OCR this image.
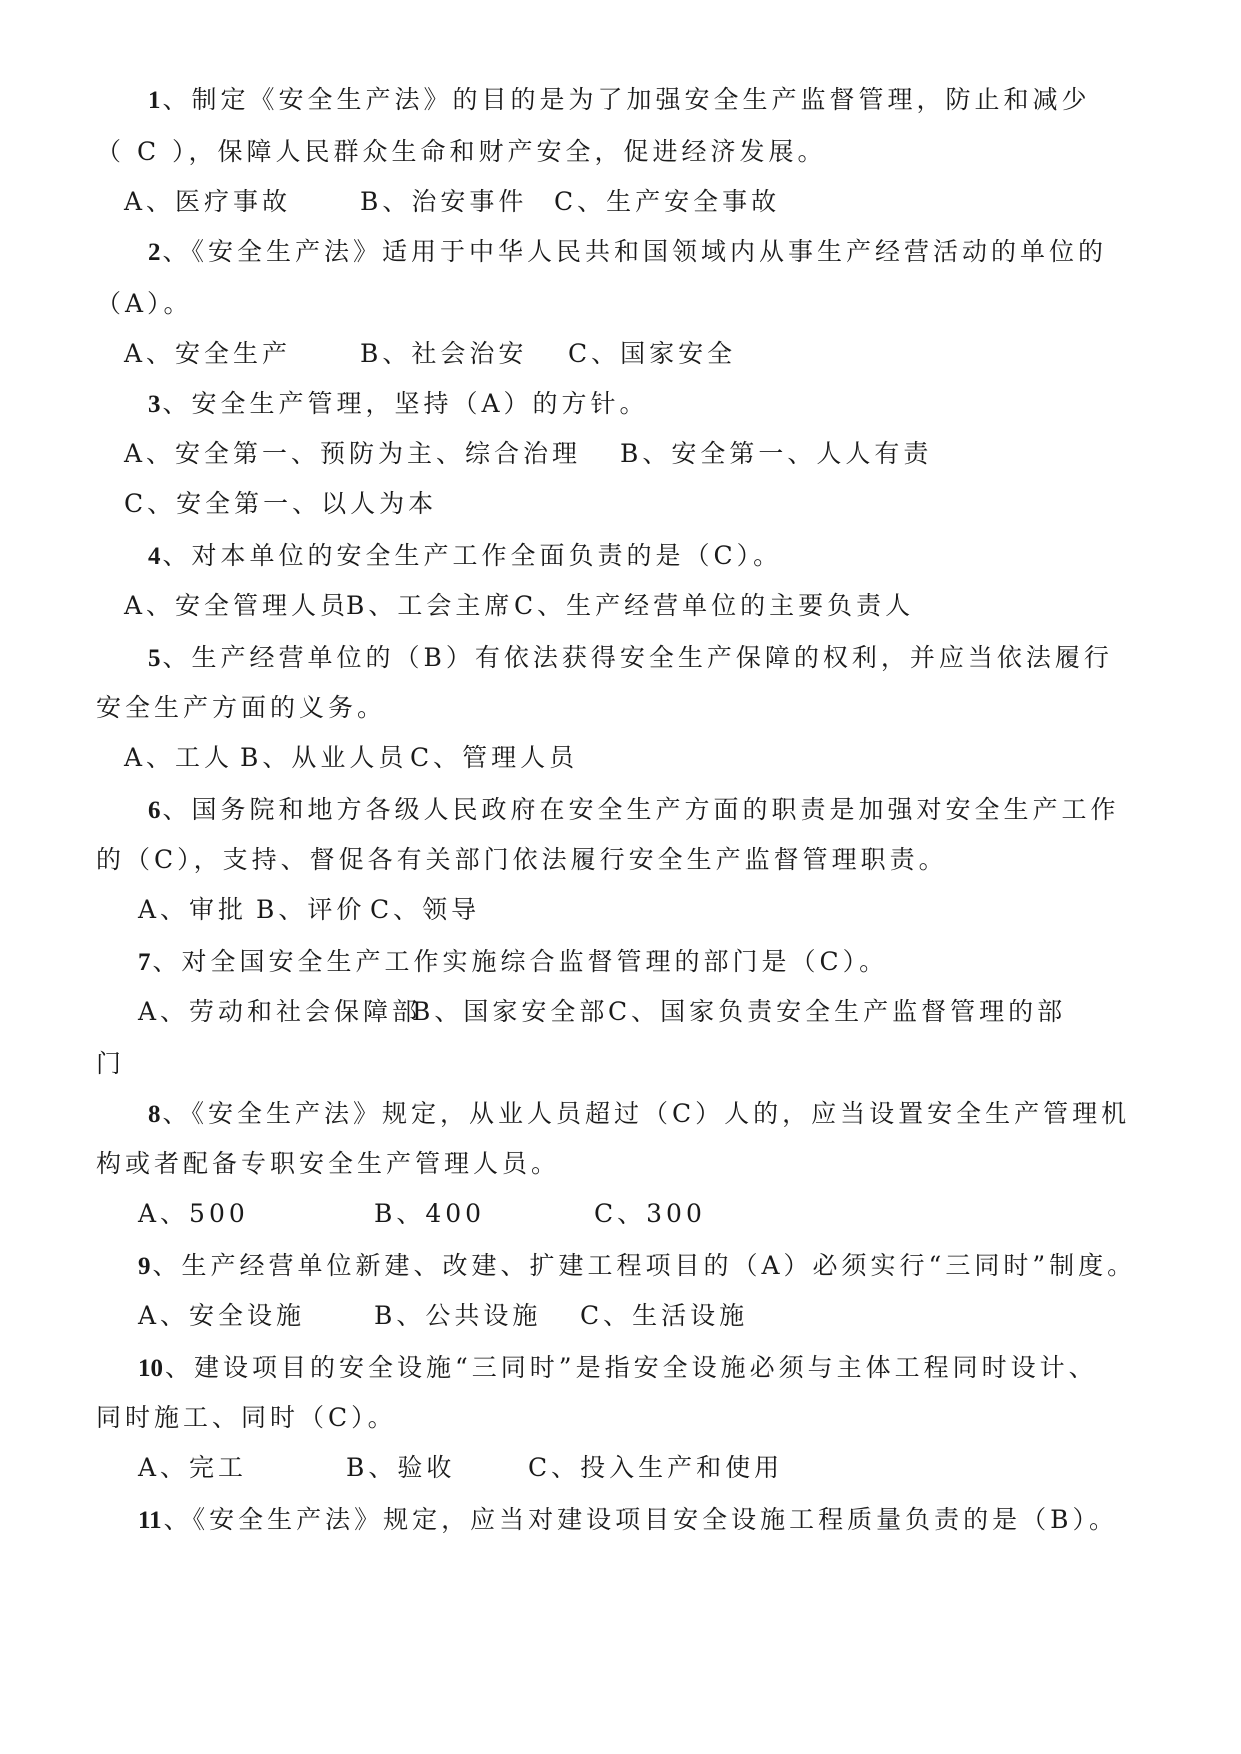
1、制定《安全生产法》的目的是为了加强安全生产监督管理，防止和减少
（ C ），保障人民群众生命和财产安全，促进经济发展。
A、医疗事故	B、治安事件 C、生产安全事故
2、《安全生产法》适用于中华人民共和国领域内从事生产经营活动的单位的
（A）。
A、安全生产	B、社会治安 C、国家安全
3、安全生产管理，坚持（A）的方针。
A、安全第一、预防为主、综合治理 B、安全第一、人人有责
C、安全第一、以人为本
4、对本单位的安全生产工作全面负责的是（C）。
A、安全管理人员
B、工会主席 C、生产经营单位的主要负责人
5、生产经营单位的（B）有依法获得安全生产保障的权利，并应当依法履行
安全生产方面的义务。
A、工人 B、从业人员 C、管理人员
6、国务院和地方各级人民政府在安全生产方面的职责是加强对安全生产工作
的（C），支持、督促各有关部门依法履行安全生产监督管理职责。
A、审批 B、评价 C、领导
7、对全国安全生产工作实施综合监督管理的部门是（C）。
A、劳动和社会保障部
B、国家安全部 C、国家负责安全生产监督管理的部
门
8、《安全生产法》规定，从业人员超过（C）人的，应当设置安全生产管理机
构或者配备专职安全生产管理人员。
A、500	B、400	C、300
9、生产经营单位新建、改建、扩建工程项目的（A）必须实行“三同时”制度。
A、安全设施	B、公共设施 C、生活设施
10、建设项目的安全设施“三同时”是指安全设施必须与主体工程同时设计、
同时施工、同时（C）。
A、完工	B、验收	C、投入生产和使用
11、《安全生产法》规定，应当对建设项目安全设施工程质量负责的是（B）。
